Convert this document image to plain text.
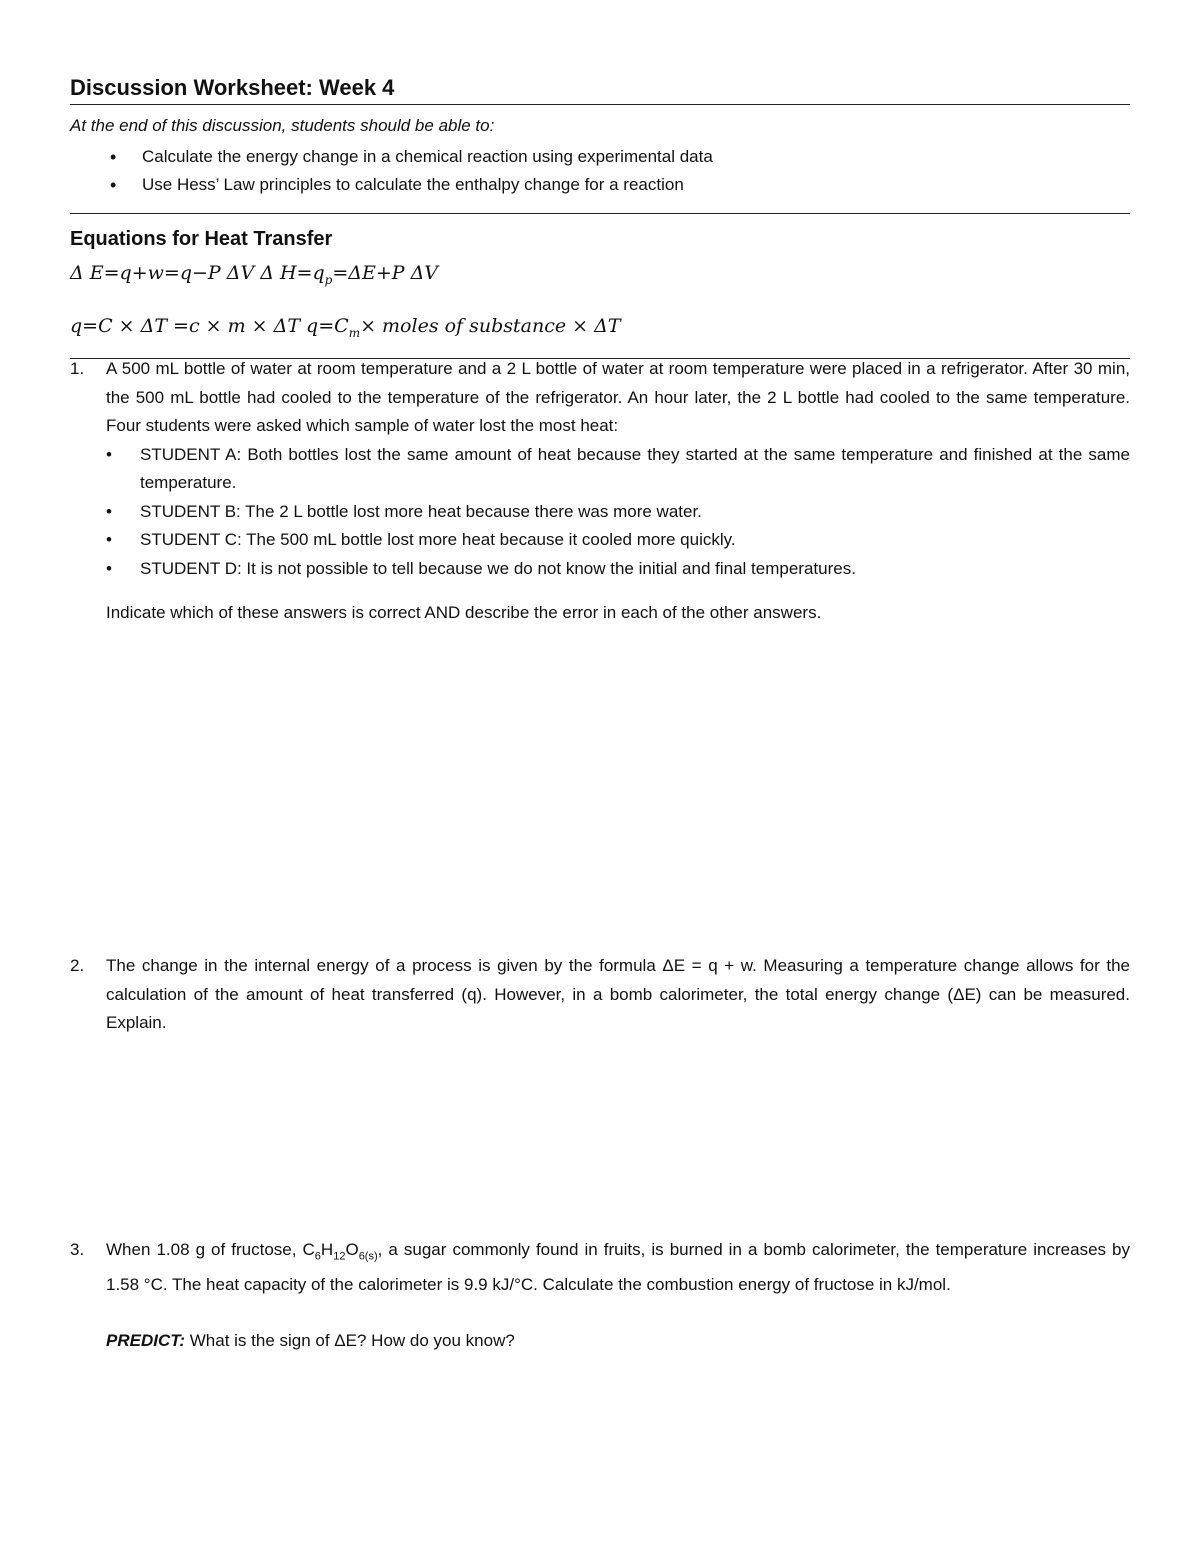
Discussion Worksheet: Week 4
At the end of this discussion, students should be able to:
• Calculate the energy change in a chemical reaction using experimental data
• Use Hess’ Law principles to calculate the enthalpy change for a reaction
Equations for Heat Transfer
Δ E=q+w=q−P ΔV Δ $H=q_p=\Delta E+P$ ΔV
q=C × ΔT =c × m × ΔT $q=C_m\times$ moles of substance × ΔT
1. A 500 mL bottle of water at room temperature and a 2 L bottle of water at room temperature were placed in a refrigerator. After 30 min, the 500 mL bottle had cooled to the temperature of the refrigerator. An hour later, the 2 L bottle had cooled to the same temperature. Four students were asked which sample of water lost the most heat:
• STUDENT A: Both bottles lost the same amount of heat because they started at the same temperature and finished at the same temperature.
• STUDENT B: The 2 L bottle lost more heat because there was more water.
• STUDENT C: The 500 mL bottle lost more heat because it cooled more quickly.
• STUDENT D: It is not possible to tell because we do not know the initial and final temperatures.
Indicate which of these answers is correct AND describe the error in each of the other answers.
2. The change in the internal energy of a process is given by the formula ΔE = q + w. Measuring a temperature change allows for the calculation of the amount of heat transferred (q). However, in a bomb calorimeter, the total energy change (ΔE) can be measured. Explain.
3. When 1.08 g of fructose, $C_6H_{12}O_{6(s)}$, a sugar commonly found in fruits, is burned in a bomb calorimeter, the temperature increases by 1.58 °C. The heat capacity of the calorimeter is 9.9 kJ/°C. Calculate the combustion energy of fructose in kJ/mol.
PREDICT: What is the sign of ΔE? How do you know?
